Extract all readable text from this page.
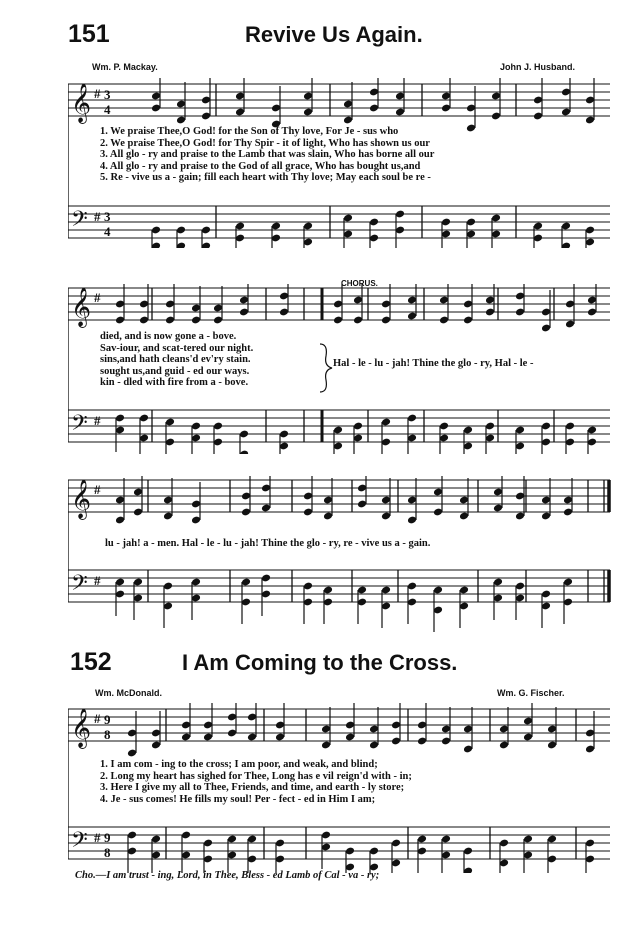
151	Revive Us Again.
Wm. P. Mackay.	John J. Husband.
𝄞 # 3
4
𝄢 # 3
4
1. We praise Thee,O God! for the Son of Thy love, For Je - sus who
2. We praise Thee,O God! for Thy Spir - it of light, Who has shown us our
3. All glo - ry and praise to the Lamb that was slain, Who has borne all our
4. All glo - ry and praise to the God of all grace, Who has bought us,and
5. Re - vive us a - gain; fill each heart with Thy love; May each soul be re -
𝄞 #
𝄢 #
CHORUS.
died, and is now gone a - bove.
Sav-iour, and scat-tered our night.
sins,and hath cleans'd ev'ry stain.
sought us,and guid - ed our ways.
kin - dled with fire from a - bove.
Hal - le - lu - jah! Thine the glo - ry, Hal - le -
𝄞 #
𝄢 #
lu - jah! a - men. Hal - le - lu - jah! Thine the glo - ry, re - vive us a - gain.
152	I Am Coming to the Cross.
Wm. McDonald.	Wm. G. Fischer.
𝄞 # 9
8
𝄢 # 9
8
1. I am com - ing to the cross; I am poor, and weak, and blind;
2. Long my heart has sighed for Thee, Long has e vil reign'd with - in;
3. Here I give my all to Thee, Friends, and time, and earth - ly store;
4. Je - sus comes! He fills my soul! Per - fect - ed in Him I am;
Cho.—I am trust - ing, Lord, in Thee, Bless - ed Lamb of Cal - va - ry;
